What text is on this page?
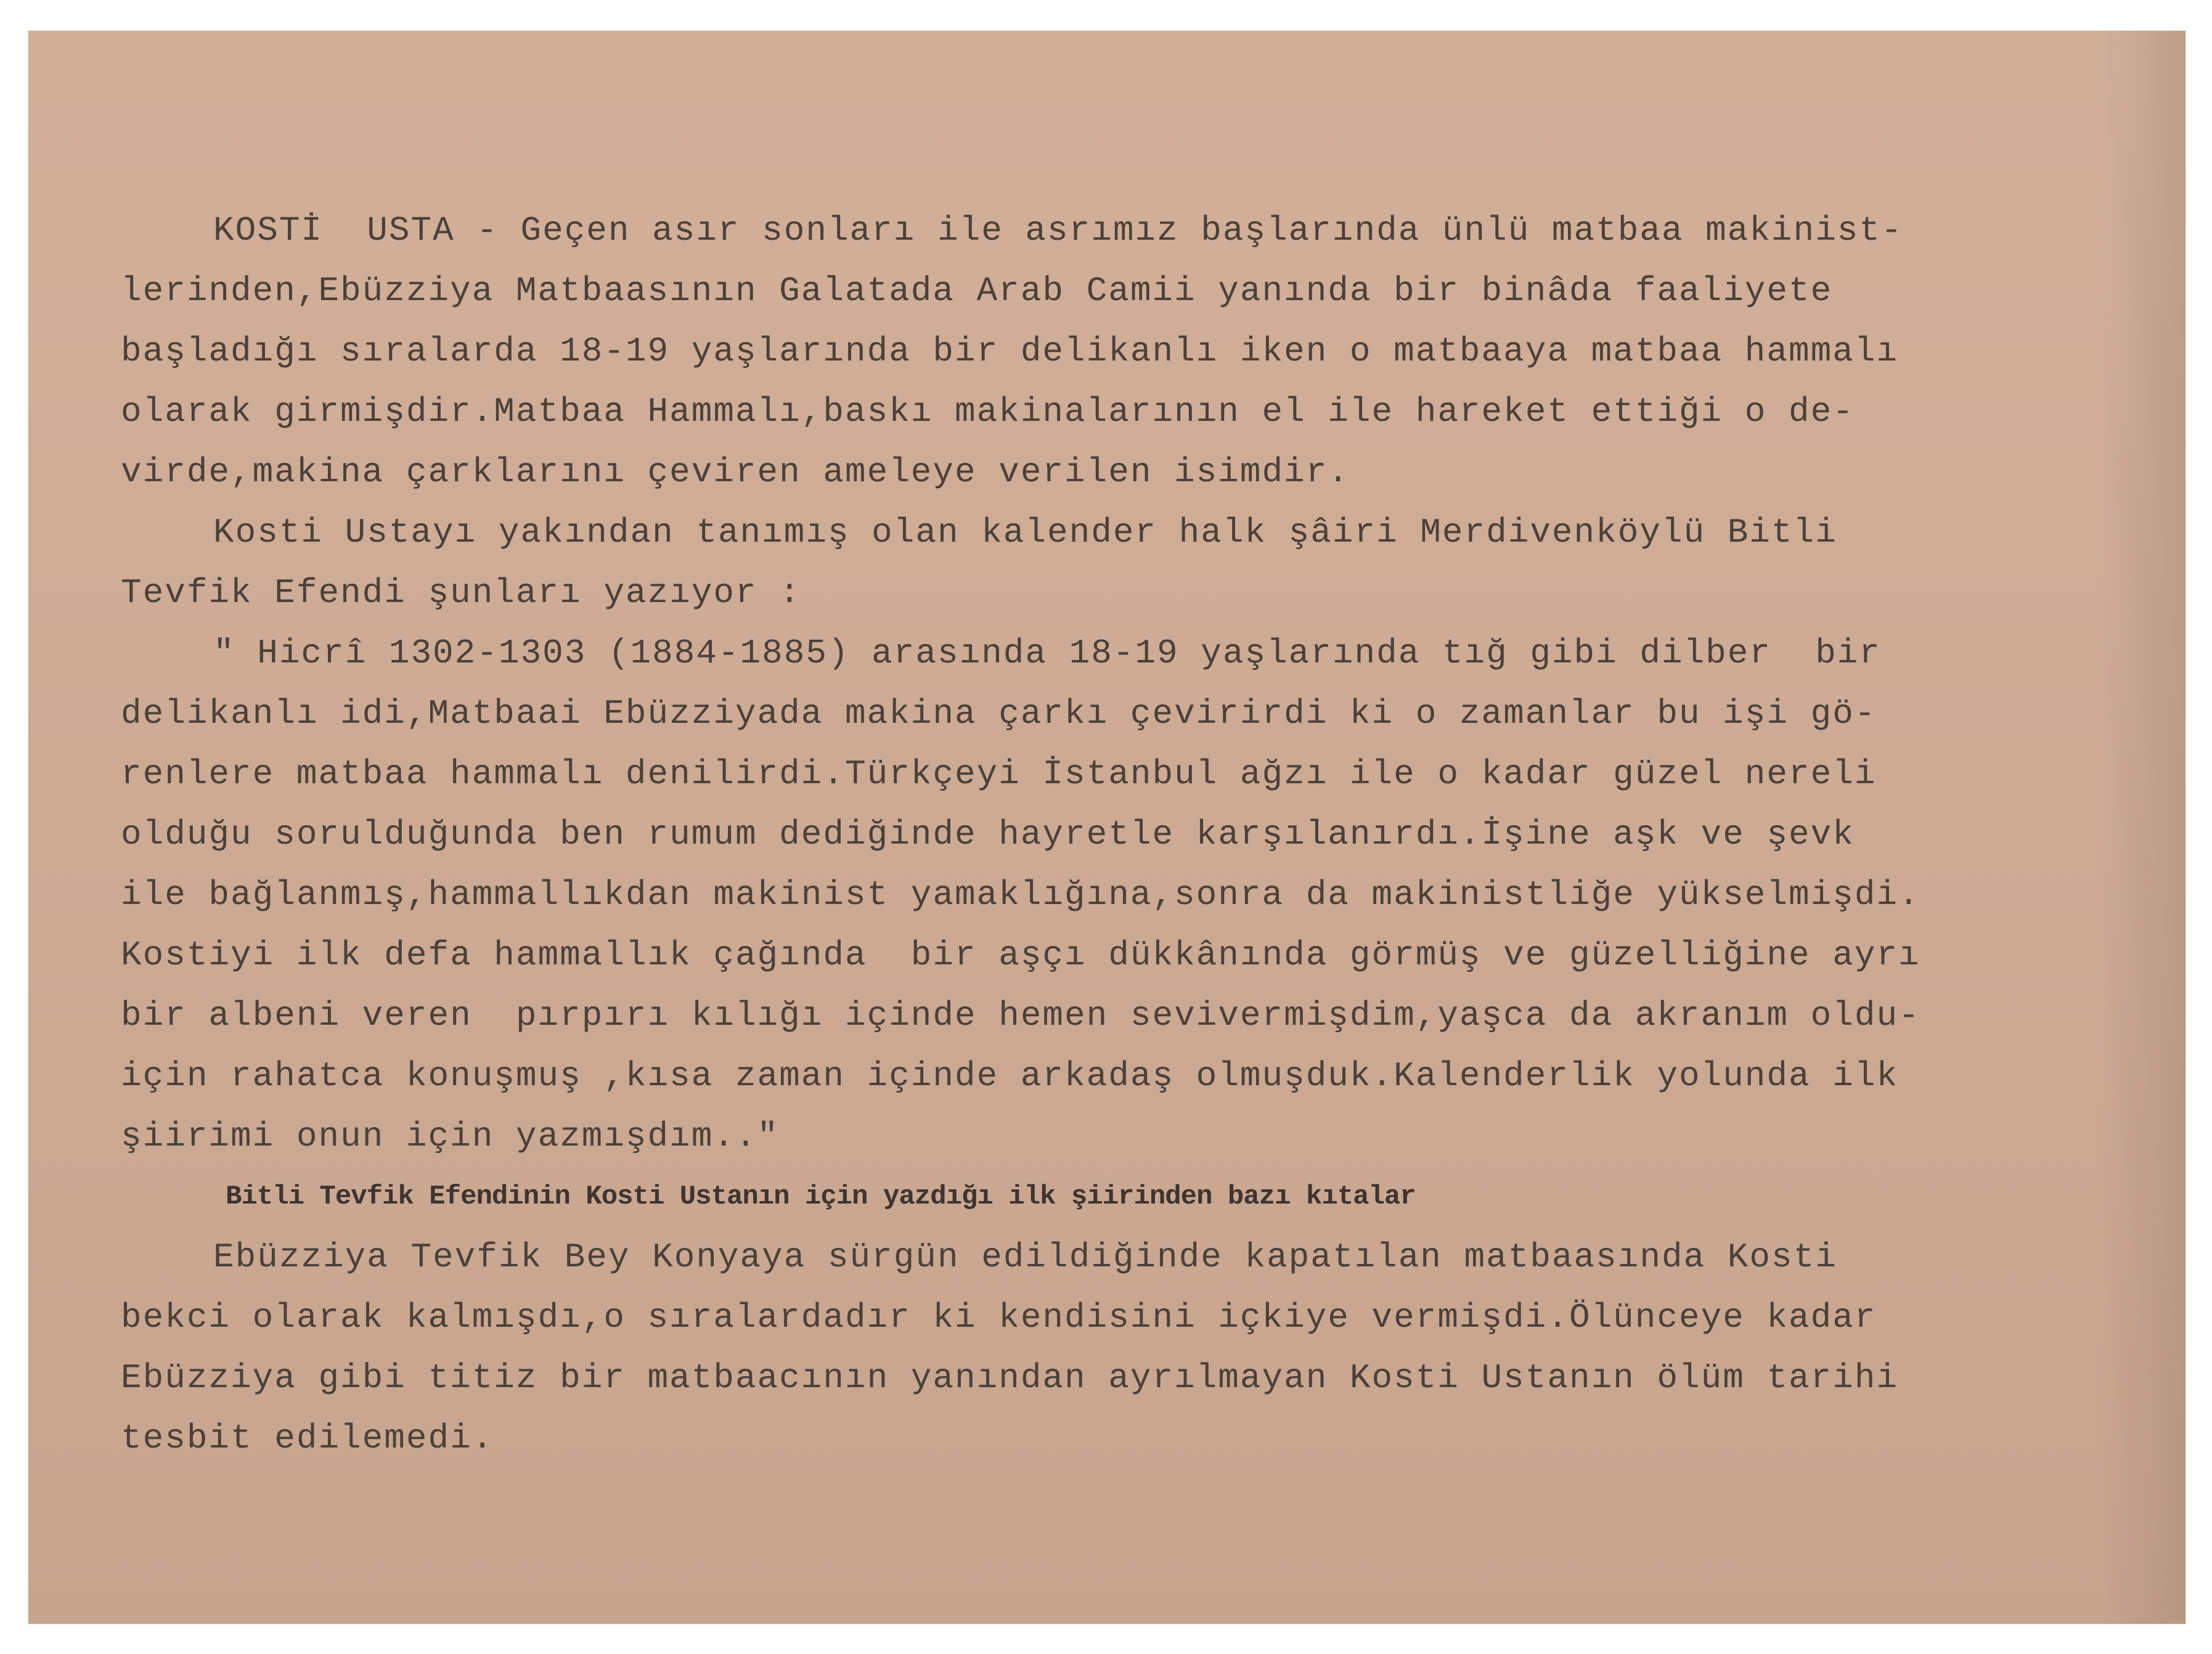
KOSTİ  USTA - Geçen asır sonları ile asrımız başlarında ünlü matbaa makinist-
lerinden,Ebüzziya Matbaasının Galatada Arab Camii yanında bir binâda faaliyete
başladığı sıralarda 18-19 yaşlarında bir delikanlı iken o matbaaya matbaa hammalı
olarak girmişdir.Matbaa Hammalı,baskı makinalarının el ile hareket ettiği o de-
virde,makina çarklarını çeviren ameleye verilen isimdir.
Kosti Ustayı yakından tanımış olan kalender halk şâiri Merdivenköylü Bitli
Tevfik Efendi şunları yazıyor :
" Hicrî 1302-1303 (1884-1885) arasında 18-19 yaşlarında tığ gibi dilber  bir
delikanlı idi,Matbaai Ebüzziyada makina çarkı çevirirdi ki o zamanlar bu işi gö-
renlere matbaa hammalı denilirdi.Türkçeyi İstanbul ağzı ile o kadar güzel nereli
olduğu sorulduğunda ben rumum dediğinde hayretle karşılanırdı.İşine aşk ve şevk
ile bağlanmış,hammallıkdan makinist yamaklığına,sonra da makinistliğe yükselmişdi.
Kostiyi ilk defa hammallık çağında  bir aşçı dükkânında görmüş ve güzelliğine ayrı
bir albeni veren  pırpırı kılığı içinde hemen sevivermişdim,yaşca da akranım oldu-
için rahatca konuşmuş ,kısa zaman içinde arkadaş olmuşduk.Kalenderlik yolunda ilk
şiirimi onun için yazmışdım.."
Bitli Tevfik Efendinin Kosti Ustanın için yazdığı ilk şiirinden bazı kıtalar
Ebüzziya Tevfik Bey Konyaya sürgün edildiğinde kapatılan matbaasında Kosti
bekci olarak kalmışdı,o sıralardadır ki kendisini içkiye vermişdi.Ölünceye kadar
Ebüzziya gibi titiz bir matbaacının yanından ayrılmayan Kosti Ustanın ölüm tarihi
tesbit edilemedi.
